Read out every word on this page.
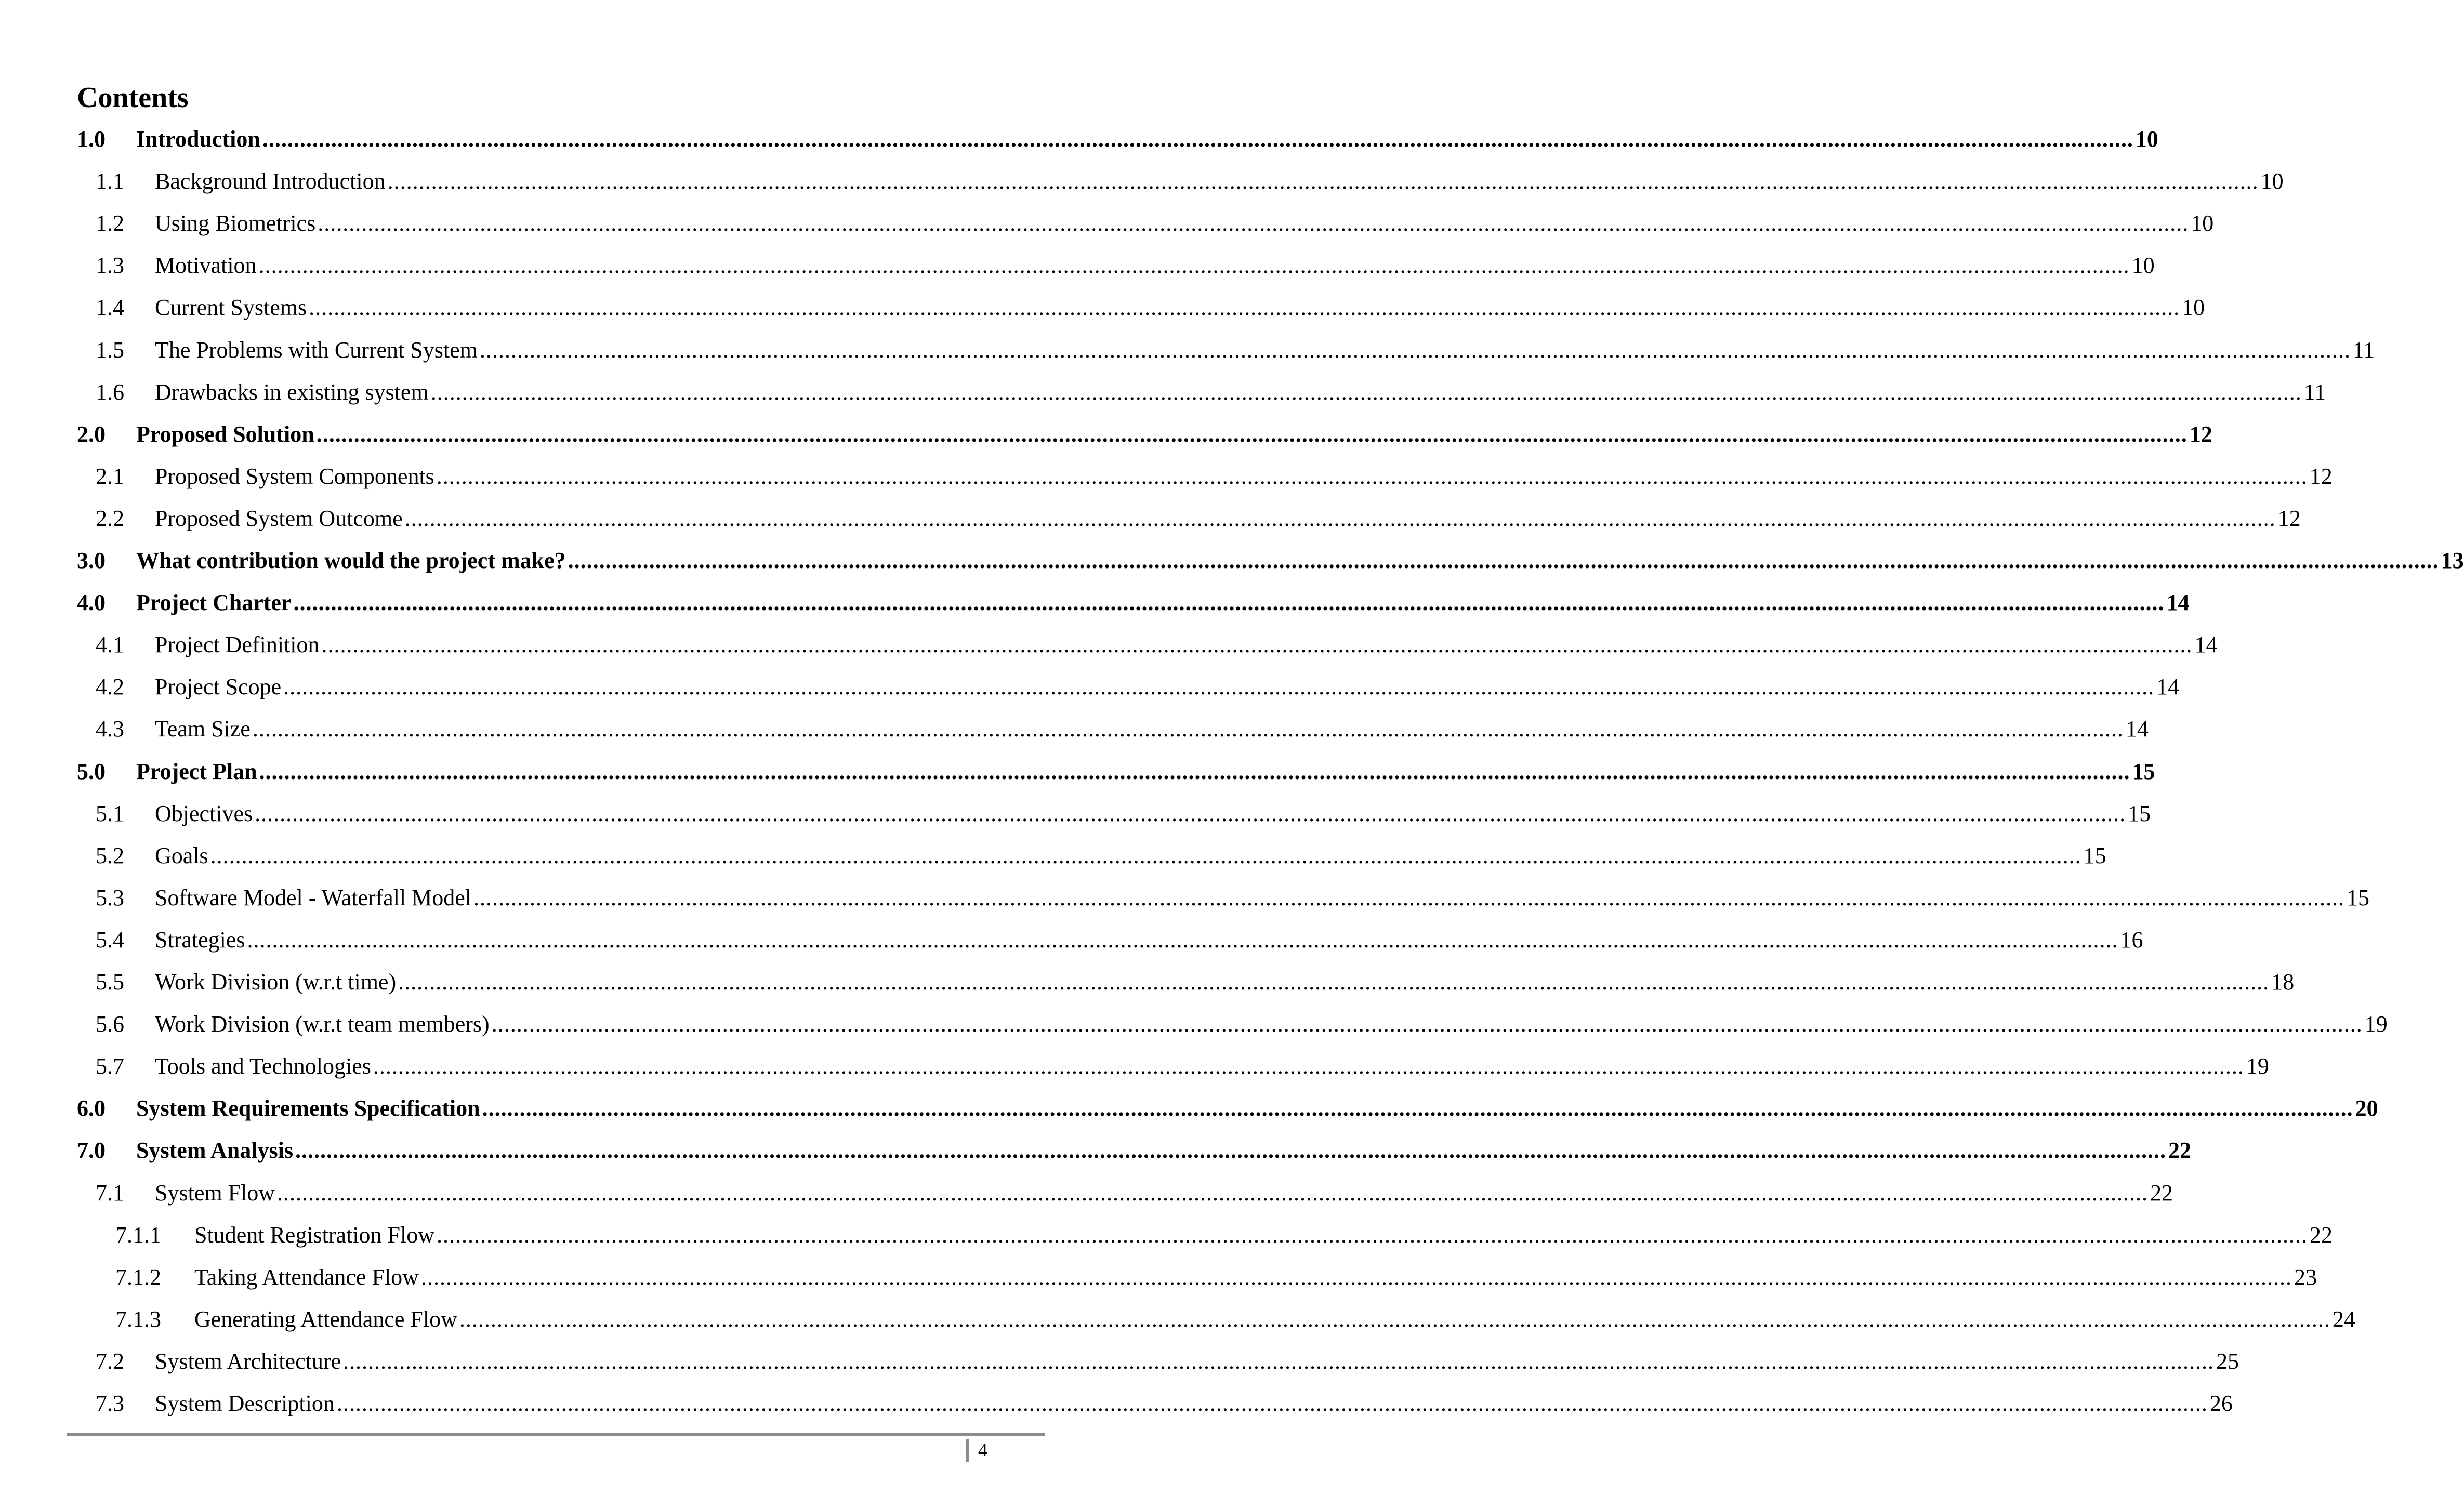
Contents
1.0	Introduction ............................................................................................................................................................................................................................................................................................................ 10
1.1	Background Introduction ............................................................................................................................................................................................................................................................................................................ 10
1.2	Using Biometrics ............................................................................................................................................................................................................................................................................................................ 10
1.3	Motivation ............................................................................................................................................................................................................................................................................................................ 10
1.4	Current Systems ............................................................................................................................................................................................................................................................................................................ 10
1.5	The Problems with Current System ............................................................................................................................................................................................................................................................................................................ 11
1.6	Drawbacks in existing system ............................................................................................................................................................................................................................................................................................................ 11
2.0	Proposed Solution ............................................................................................................................................................................................................................................................................................................ 12
2.1	Proposed System Components ............................................................................................................................................................................................................................................................................................................ 12
2.2	Proposed System Outcome ............................................................................................................................................................................................................................................................................................................ 12
3.0	What contribution would the project make? ............................................................................................................................................................................................................................................................................................................ 13
4.0	Project Charter ............................................................................................................................................................................................................................................................................................................ 14
4.1	Project Definition ............................................................................................................................................................................................................................................................................................................ 14
4.2	Project Scope ............................................................................................................................................................................................................................................................................................................ 14
4.3	Team Size ............................................................................................................................................................................................................................................................................................................ 14
5.0	Project Plan ............................................................................................................................................................................................................................................................................................................ 15
5.1	Objectives ............................................................................................................................................................................................................................................................................................................ 15
5.2	Goals ............................................................................................................................................................................................................................................................................................................ 15
5.3	Software Model - Waterfall Model ............................................................................................................................................................................................................................................................................................................ 15
5.4	Strategies ............................................................................................................................................................................................................................................................................................................ 16
5.5	Work Division (w.r.t time) ............................................................................................................................................................................................................................................................................................................ 18
5.6	Work Division (w.r.t team members) ............................................................................................................................................................................................................................................................................................................ 19
5.7	Tools and Technologies ............................................................................................................................................................................................................................................................................................................ 19
6.0	System Requirements Specification ............................................................................................................................................................................................................................................................................................................ 20
7.0	System Analysis ............................................................................................................................................................................................................................................................................................................ 22
7.1	System Flow ............................................................................................................................................................................................................................................................................................................ 22
7.1.1	Student Registration Flow ............................................................................................................................................................................................................................................................................................................ 22
7.1.2	Taking Attendance Flow ............................................................................................................................................................................................................................................................................................................ 23
7.1.3	Generating Attendance Flow ............................................................................................................................................................................................................................................................................................................ 24
7.2	System Architecture ............................................................................................................................................................................................................................................................................................................ 25
7.3	System Description ............................................................................................................................................................................................................................................................................................................ 26
4
